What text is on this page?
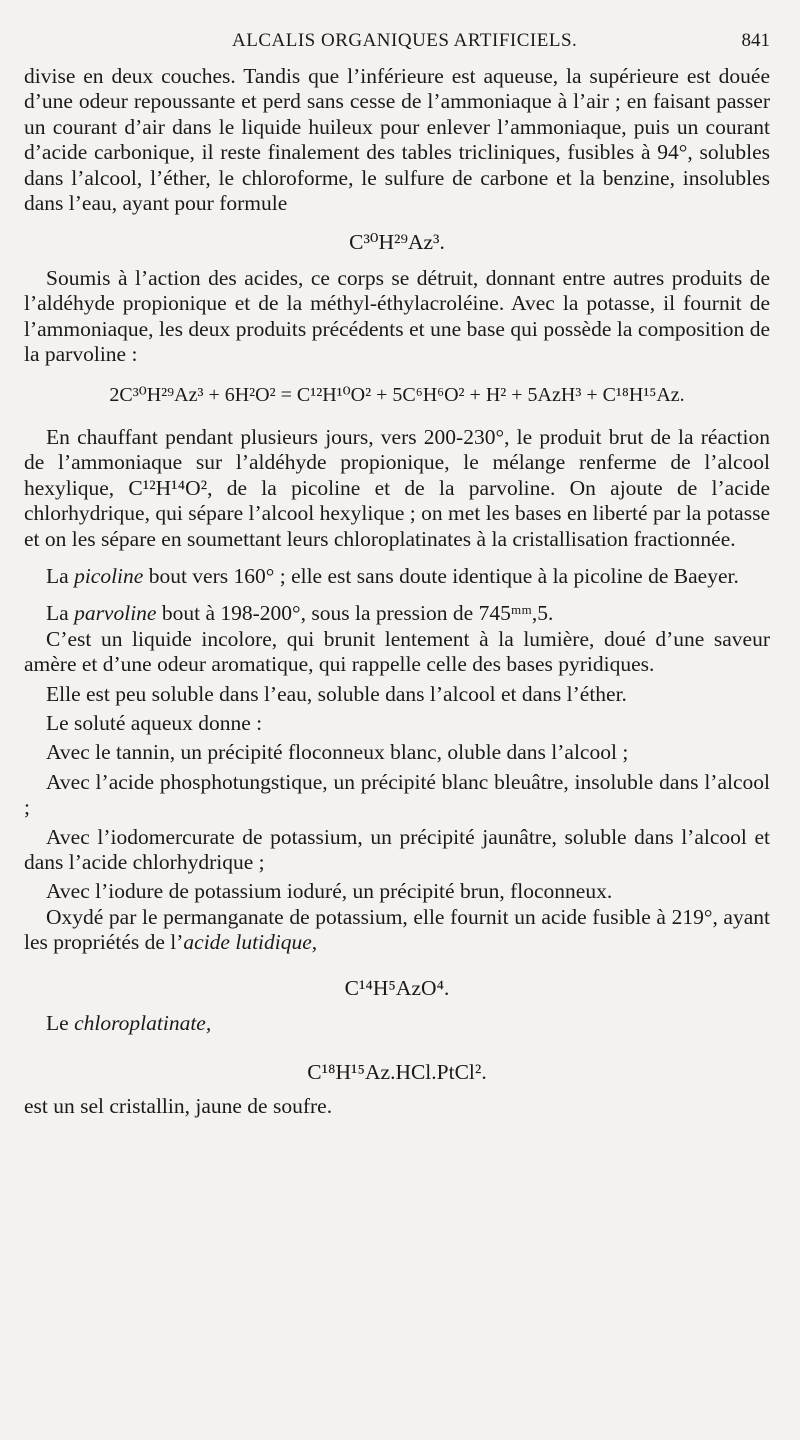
ALCALIS ORGANIQUES ARTIFICIELS.	841

divise en deux couches. Tandis que l’inférieure est aqueuse, la supérieure est douée d’une odeur repoussante et perd sans cesse de l’ammoniaque à l’air ; en faisant passer un courant d’air dans le liquide huileux pour enlever l’ammoniaque, puis un courant d’acide carbonique, il reste finalement des tables tricliniques, fusibles à 94°, solubles dans l’alcool, l’éther, le chloroforme, le sulfure de carbone et la benzine, insolubles dans l’eau, ayant pour formule

C³⁰H²⁹Az³.

Soumis à l’action des acides, ce corps se détruit, donnant entre autres produits de l’aldéhyde propionique et de la méthyl-éthylacroléine. Avec la potasse, il fournit de l’ammoniaque, les deux produits précédents et une base qui possède la composition de la parvoline :

2C³⁰H²⁹Az³ + 6H²O² = C¹²H¹⁰O² + 5C⁶H⁶O² + H² + 5AzH³ + C¹⁸H¹⁵Az.

En chauffant pendant plusieurs jours, vers 200-230°, le produit brut de la réaction de l’ammoniaque sur l’aldéhyde propionique, le mélange renferme de l’alcool hexylique, C¹²H¹⁴O², de la picoline et de la parvoline. On ajoute de l’acide chlorhydrique, qui sépare l’alcool hexylique ; on met les bases en liberté par la potasse et on les sépare en soumettant leurs chloroplatinates à la cristallisation fractionnée.

La picoline bout vers 160° ; elle est sans doute identique à la picoline de Baeyer.

La parvoline bout à 198-200°, sous la pression de 745ᵐᵐ,5.

C’est un liquide incolore, qui brunit lentement à la lumière, doué d’une saveur amère et d’une odeur aromatique, qui rappelle celle des bases pyridiques.

Elle est peu soluble dans l’eau, soluble dans l’alcool et dans l’éther.

Le soluté aqueux donne :

Avec le tannin, un précipité floconneux blanc, oluble dans l’alcool ;

Avec l’acide phosphotungstique, un précipité blanc bleuâtre, insoluble dans l’alcool ;

Avec l’iodomercurate de potassium, un précipité jaunâtre, soluble dans l’alcool et dans l’acide chlorhydrique ;

Avec l’iodure de potassium ioduré, un précipité brun, floconneux.

Oxydé par le permanganate de potassium, elle fournit un acide fusible à 219°, ayant les propriétés de l’acide lutidique,

C¹⁴H⁵AzO⁴.

Le chloroplatinate,

C¹⁸H¹⁵Az.HCl.PtCl².

est un sel cristallin, jaune de soufre.
